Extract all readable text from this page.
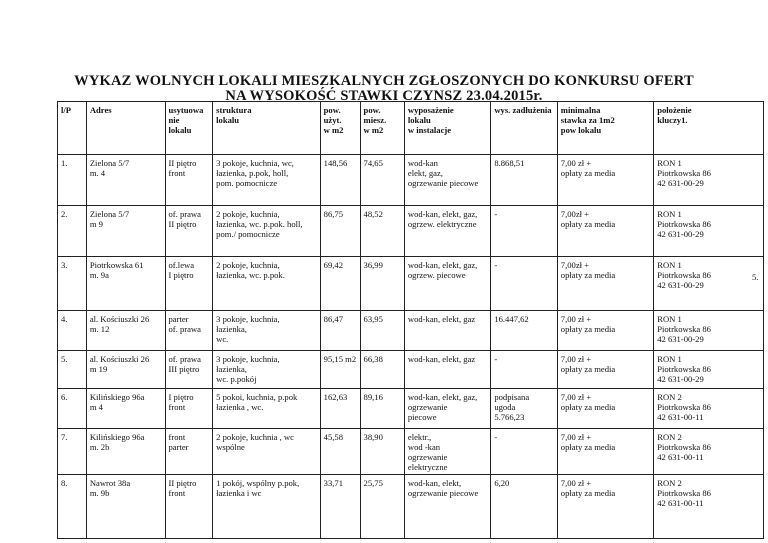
WYKAZ WOLNYCH LOKALI MIESZKALNYCH ZGŁOSZONYCH DO KONKURSU OFERT
NA WYSOKOŚĆ STAWKI CZYNSZ 23.04.2015r.
l/P	Adres	usytuowa
nie
lokalu	struktura
lokalu	pow.
użyt.
w m2	pow.
miesz.
w m2	wyposażenie
lokalu
w instalacje	wys. zadłużenia	minimalna
stawka za 1m2
pow lokalu	położenie
kluczy1.

1.	Zielona 5/7
m. 4	II piętro
front	3 pokoje, kuchnia, wc,
łazienka, p.pok, holl,
pom. pomocnicze	148,56	74,65	wod-kan
elekt, gaz,
ogrzewanie piecowe	8.868,51	7,00 zł +
opłaty za media	RON 1
Piotrkowska 86
42 631-00-29

2.	Zielona 5/7
m 9	of. prawa
II piętro	2 pokoje, kuchnia,
łazienka, wc. p.pok. holl,
pom./ pomocnicze	86,75	48,52	wod-kan, elekt, gaz,
ogrzew. elektryczne	-	7,00zł +
opłaty za media	RON 1
Piotrkowska 86
42 631-00-29

3.	Piotrkowska 61
m. 9a	of.lewa
I piętro	2 pokoje, kuchnia,
łazienka, wc. p.pok.	69,42	36,99	wod-kan, elekt, gaz,
ogrzew. piecowe	-	7,00zł +
opłaty za media	RON 1
Piotrkowska 86
42 631-00-29

4.	al. Kościuszki 26
m. 12	parter
of. prawa	3 pokoje, kuchnia,
łazienka,
wc.	86,47	63,95	wod-kan, elekt, gaz	16.447,62	7,00 zł +
opłaty za media	RON 1
Piotrkowska 86
42 631-00-29

5.	al. Kościuszki 26
m 19	of. prawa
III piętro	3 pokoje, kuchnia,
łazienka,
wc. p.pokój	95,15 m2	66,38	wod-kan, elekt, gaz	-	7,00 zł +
opłaty za media	RON 1
Piotrkowska 86
42 631-00-29

6.	Kilińskiego 96a
m 4	I piętro
front	5 pokoi, kuchnia, p.pok
łazienka , wc.	162,63	89,16	wod-kan, elekt, gaz,
ogrzewanie
piecowe	podpisana
ugoda
5.766,23	7,00 zł +
opłaty za media	RON 2
Piotrkowska 86
42 631-00-11

7.	Kilińskiego 96a
m. 2b	front
parter	2 pokoje, kuchnia , wc
wspólne	45,58	38,90	elektr.,
wod -kan
ogrzewanie
elektryczne	-	7,00 zł +
opłaty za media	RON 2
Piotrkowska 86
42 631-00-11

8.	Nawrot 38a
m. 9b	II piętro
front	1 pokój, wspólny p.pok,
łazienka i wc	33,71	25,75	wod-kan, elekt,
ogrzewanie piecowe	6,20	7,00 zł +
opłaty za media	RON 2
Piotrkowska 86
42 631-00-11
5.
